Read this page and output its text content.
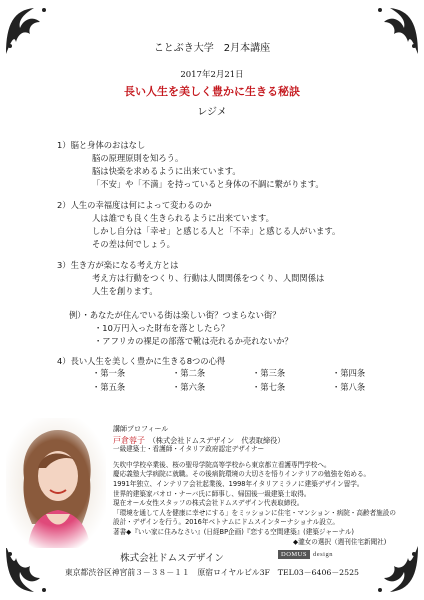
ことぶき大学　2月本講座
2017年2月21日
長い人生を美しく豊かに生きる秘訣
レジメ
1）脳と身体のおはなし
脳の原理原則を知ろう。
脳は快楽を求めるように出来ています。
「不安」や「不満」を持っていると身体の不調に繋がります。
2）人生の幸福度は何によって変わるのか
人は誰でも良く生きられるように出来ています。
しかし自分は「幸せ」と感じる人と「不幸」と感じる人がいます。
その差は何でしょう。
3）生き方が楽になる考え方とは
考え方は行動をつくり、行動は人間関係をつくり、人間関係は
人生を創ります。
例）・あなたが住んでいる街は楽しい街？つまらない街？
・10万円入った財布を落としたら？
・アフリカの裸足の部落で靴は売れるか売れないか？
4）長い人生を美しく豊かに生きる8つの心得
・第一条	・第二条	・第三条	・第四条
・第五条	・第六条	・第七条	・第八条
講師プロフィール
戸倉蓉子　 （株式会社ドムスデザイン　代表取締役）
一級建築士・看護師・イタリア政府認定デザイナー
矢吹中学校卒業後、桜の聖母学院高等学校から東京都立看護専門学校へ。
慶応義塾大学病院に就職。その後病院環境の大切さを悟りインテリアの勉強を始める。
1991年独立、インテリア会社起業後、1998年イタリアミラノに建築デザイン留学。
世界的建築家パオロ・ナーバ氏に師事し、帰国後一級建築士取得。
現在オール女性スタッフの株式会社ドムスデザイン代表取締役。
「環境を通して人を健康に幸せにする」をミッションに住宅・マンション・病院・高齢者施設の
設計・デザインを行う。2016年ベトナムにドムスインターナショナル設立。
著書◆『いい家に住みなさい』(日経BP企画)『恋する空間建築』(建築ジャーナル)
◆瀧女の選択（週刊住宅新聞社)
株式会社ドムスデザイン	DOMUS design
東京都渋谷区神宮前３－３８－１１　原宿ロイヤルビル3F　TEL03－6406－2525
